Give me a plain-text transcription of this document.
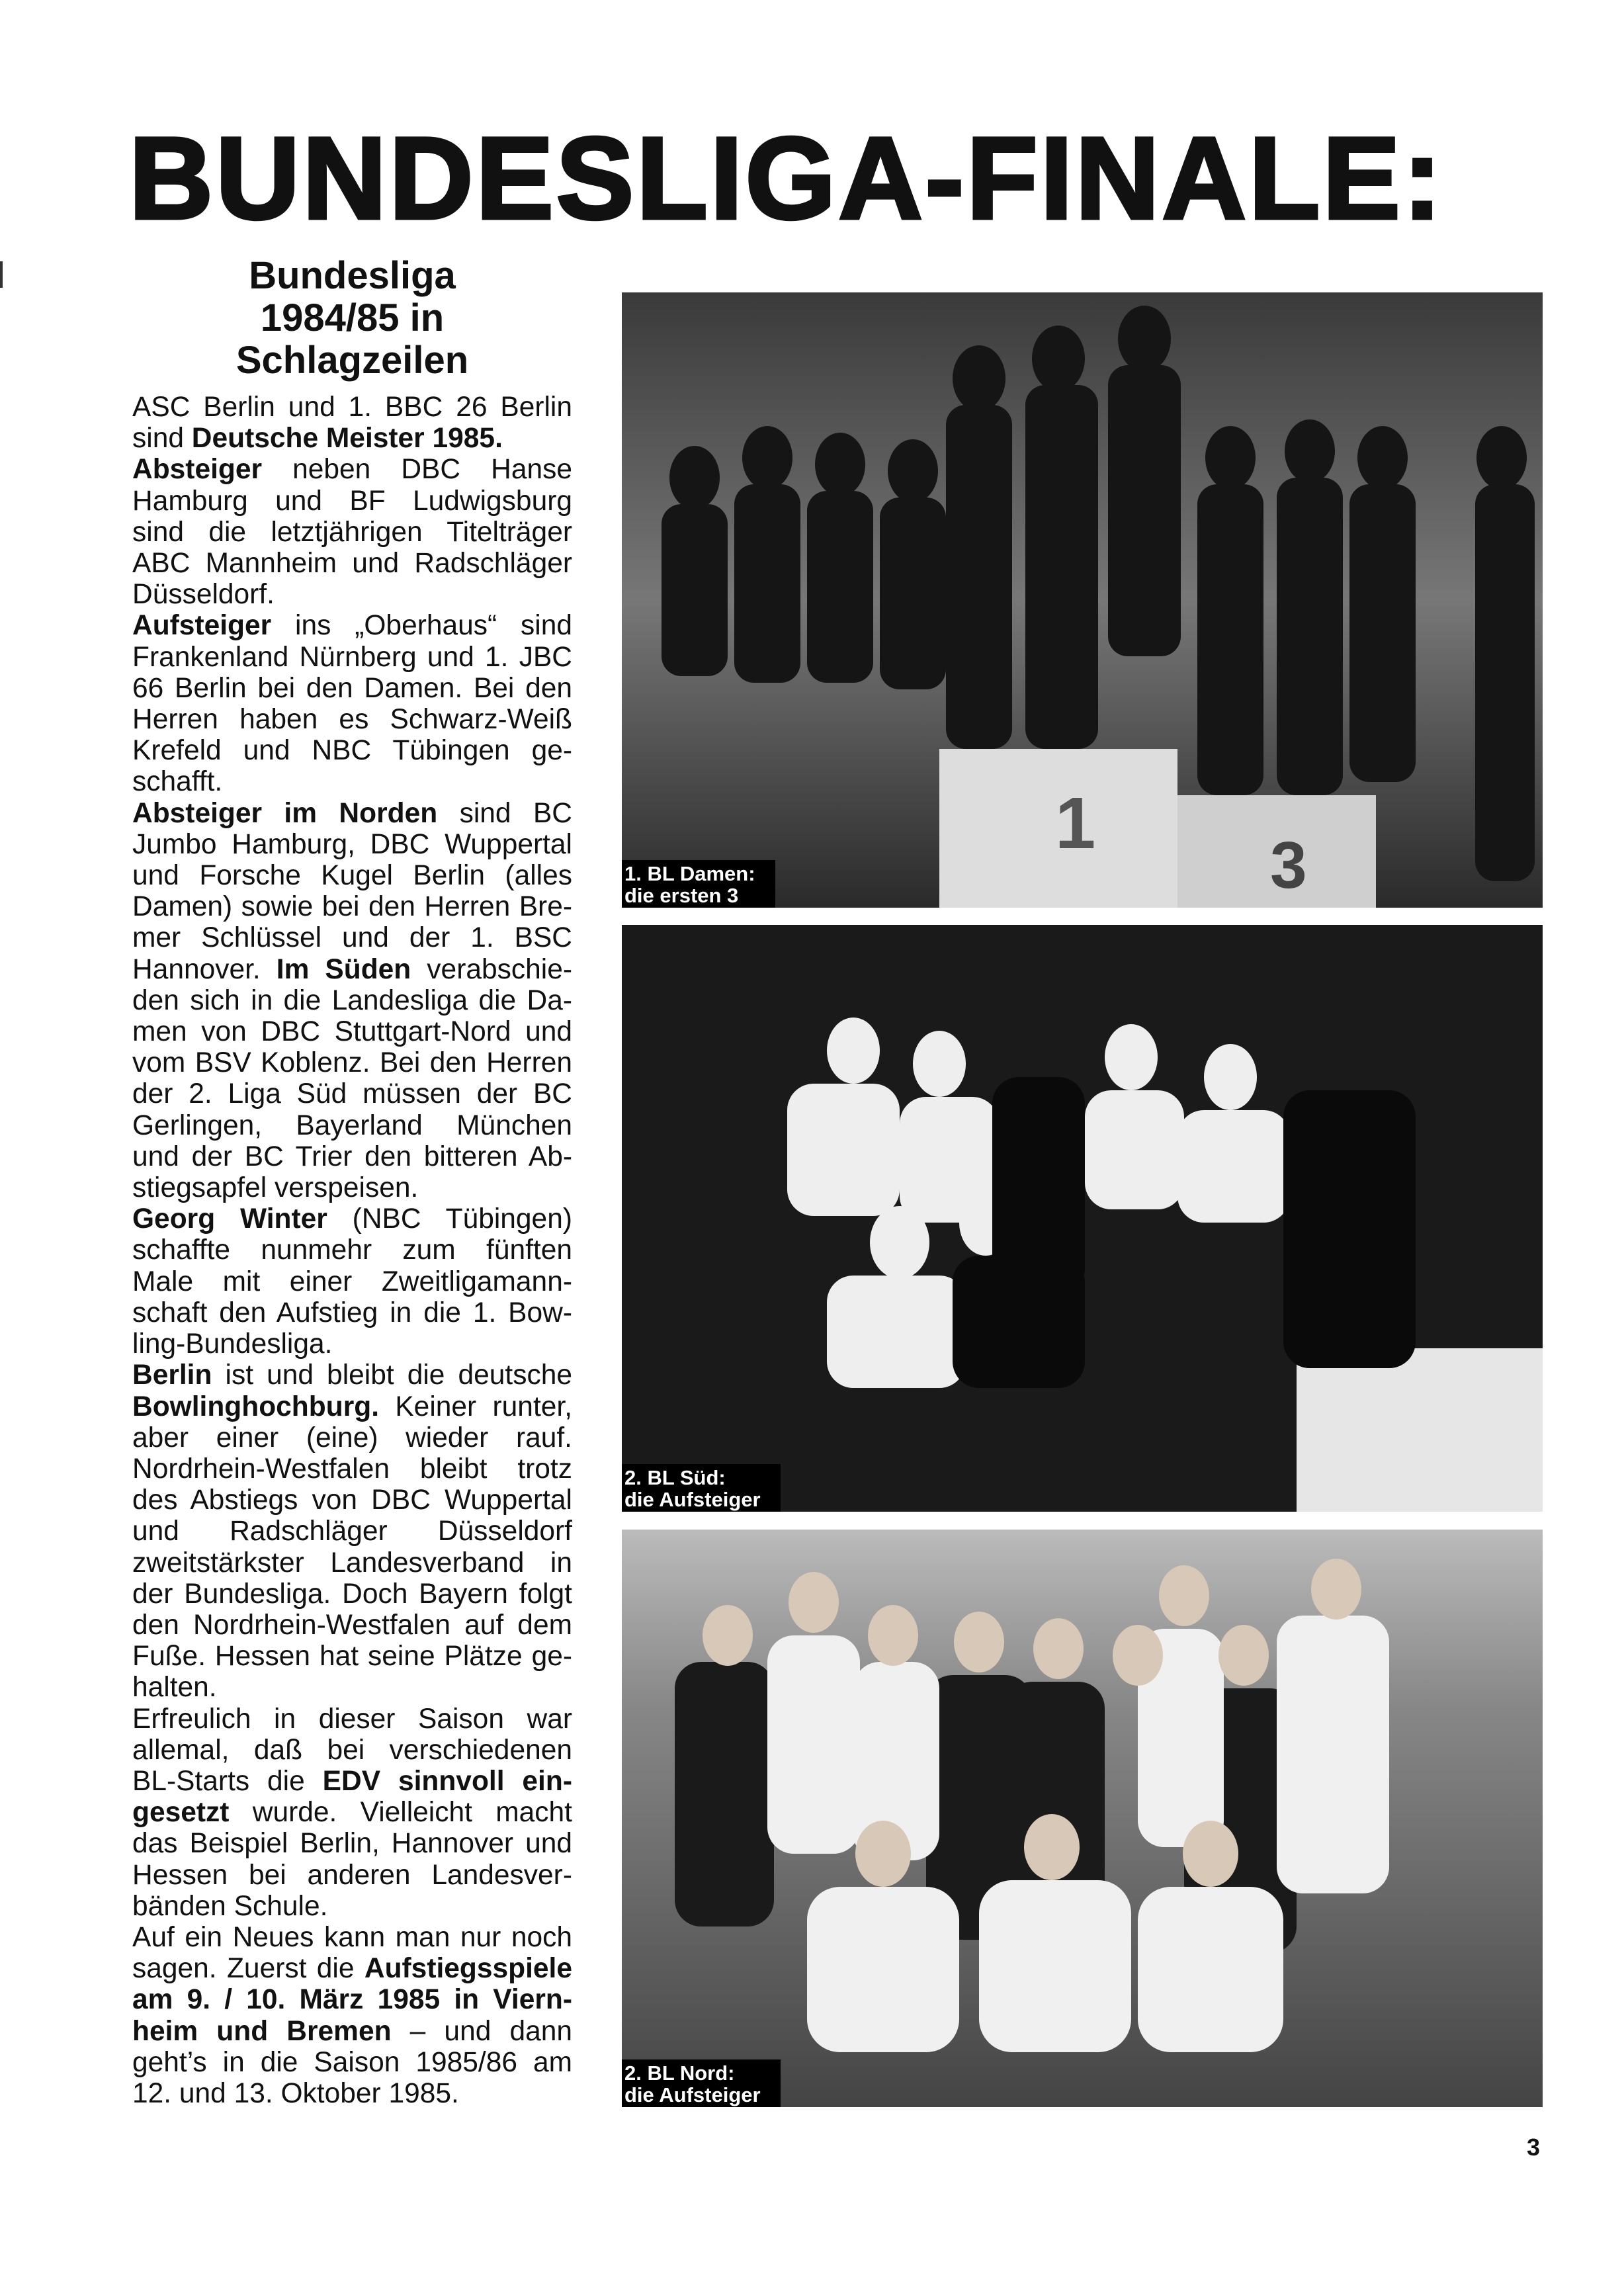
BUNDESLIGA-FINALE:
Bundesliga
1984/85 in
Schlagzeilen

ASC Berlin und 1. BBC 26 Berlin sind Deutsche Meister 1985.

Absteiger neben DBC Hanse Hamburg und BF Ludwigsburg sind die letztjährigen Titelträger ABC Mannheim und Radschläger Düsseldorf.

Aufsteiger ins „Oberhaus“ sind Frankenland Nürnberg und 1. JBC 66 Berlin bei den Damen. Bei den Herren haben es Schwarz-Weiß Krefeld und NBC Tübingen geschafft.

Absteiger im Norden sind BC Jumbo Hamburg, DBC Wuppertal und Forsche Kugel Berlin (alles Damen) sowie bei den Herren Bremer Schlüssel und der 1. BSC Hannover. Im Süden verabschieden sich in die Landesliga die Damen von DBC Stuttgart-Nord und vom BSV Koblenz. Bei den Herren der 2. Liga Süd müssen der BC Gerlingen, Bayerland München und der BC Trier den bitteren Abstiegsapfel verspeisen.

Georg Winter (NBC Tübingen) schaffte nunmehr zum fünften Male mit einer Zweitligamannschaft den Aufstieg in die 1. Bowling-Bundesliga.

Berlin ist und bleibt die deutsche Bowlinghochburg. Keiner runter, aber einer (eine) wieder rauf. Nordrhein-Westfalen bleibt trotz des Abstiegs von DBC Wuppertal und Radschläger Düsseldorf zweitstärkster Landesverband in der Bundesliga. Doch Bayern folgt den Nordrhein-Westfalen auf dem Fuße. Hessen hat seine Plätze gehalten.

Erfreulich in dieser Saison war allemal, daß bei verschiedenen BL-Starts die EDV sinnvoll eingesetzt wurde. Vielleicht macht das Beispiel Berlin, Hannover und Hessen bei anderen Landesverbänden Schule.

Auf ein Neues kann man nur noch sagen. Zuerst die Aufstiegsspiele am 9. / 10. März 1985 in Viernheim und Bremen – und dann geht’s in die Saison 1985/86 am 12. und 13. Oktober 1985.

1
3
1. BL Damen:
die ersten 3
2. BL Süd:
die Aufsteiger
2. BL Nord:
die Aufsteiger
3
